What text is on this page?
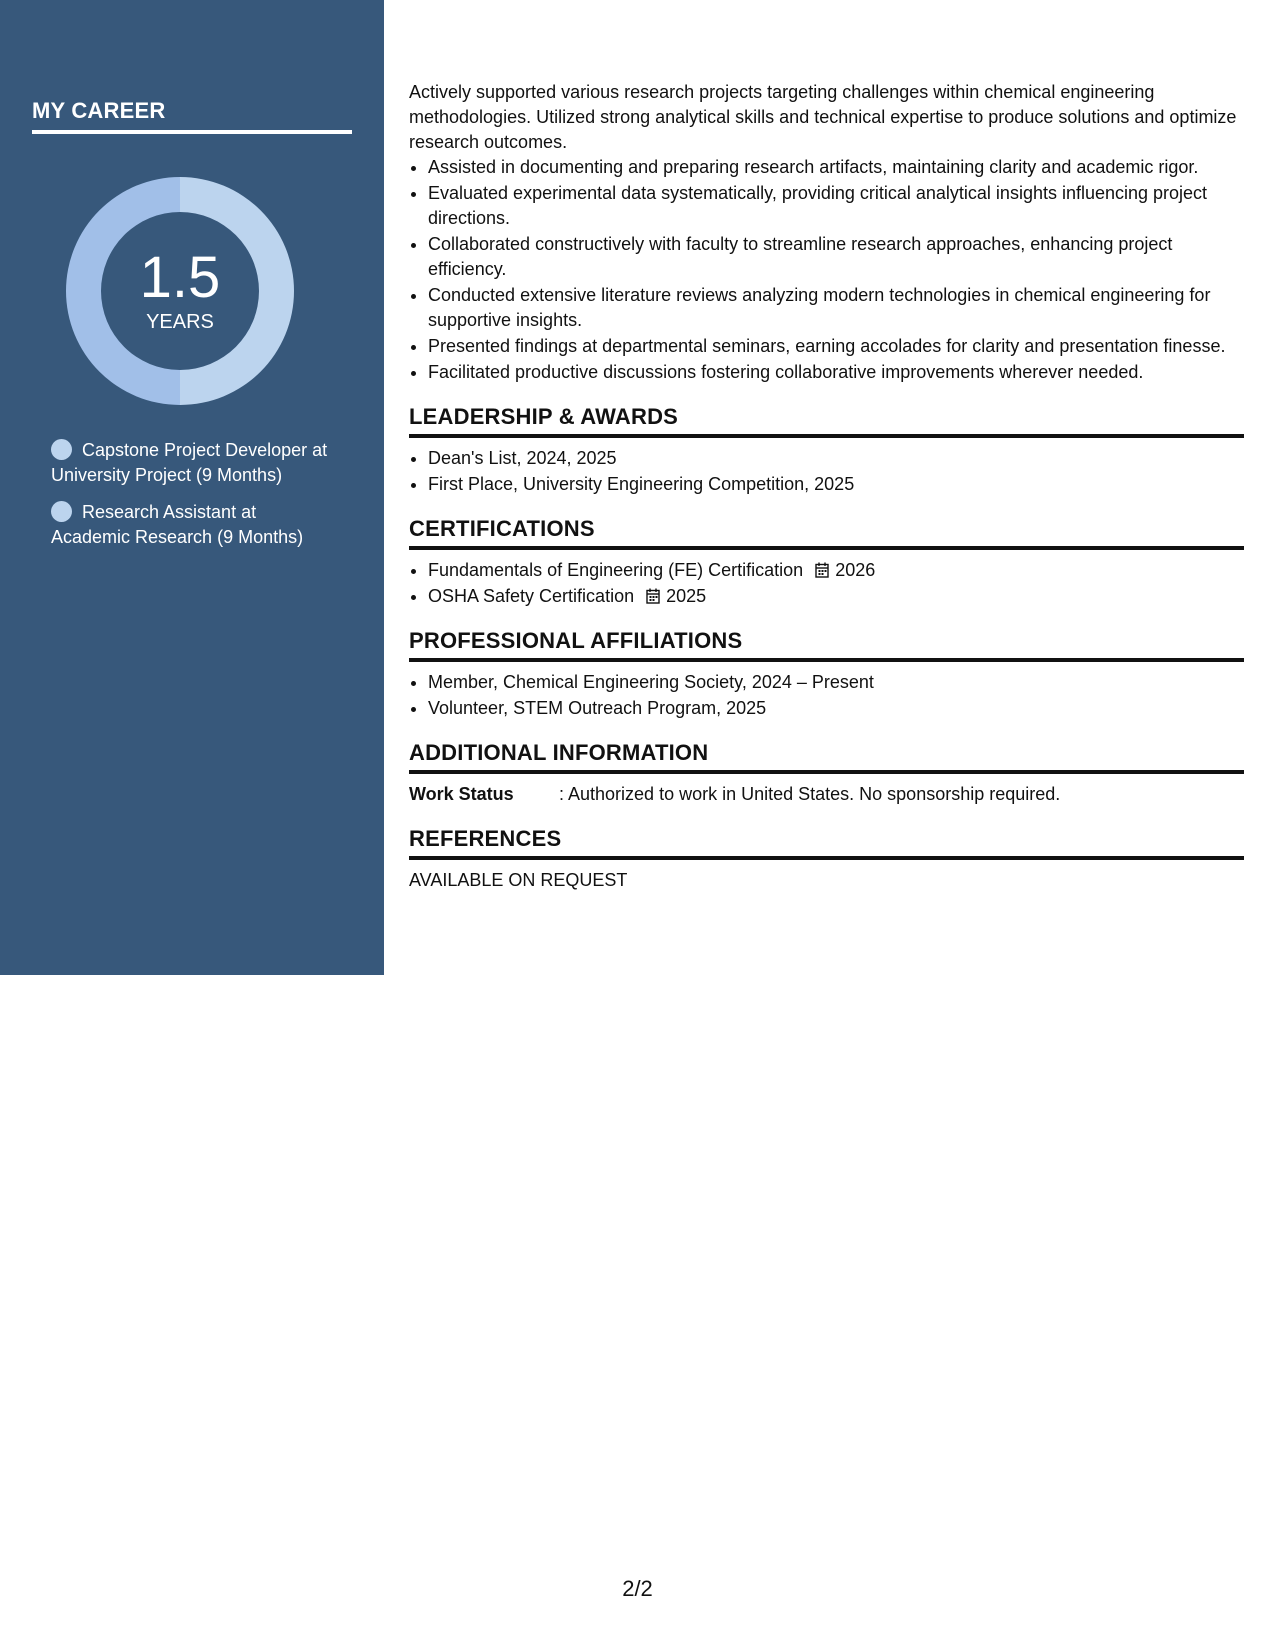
MY CAREER
1.5
YEARS
Capstone Project Developer at University Project (9 Months)
Research Assistant at Academic Research (9 Months)

Actively supported various research projects targeting challenges within chemical engineering methodologies. Utilized strong analytical skills and technical expertise to produce solutions and optimize research outcomes.

• Assisted in documenting and preparing research artifacts, maintaining clarity and academic rigor.
• Evaluated experimental data systematically, providing critical analytical insights influencing project directions.
• Collaborated constructively with faculty to streamline research approaches, enhancing project efficiency.
• Conducted extensive literature reviews analyzing modern technologies in chemical engineering for supportive insights.
• Presented findings at departmental seminars, earning accolades for clarity and presentation finesse.
• Facilitated productive discussions fostering collaborative improvements wherever needed.
LEADERSHIP & AWARDS
• Dean's List, 2024, 2025
• First Place, University Engineering Competition, 2025
CERTIFICATIONS
• Fundamentals of Engineering (FE) Certification 2026
• OSHA Safety Certification 2025
PROFESSIONAL AFFILIATIONS
• Member, Chemical Engineering Society, 2024 – Present
• Volunteer, STEM Outreach Program, 2025
ADDITIONAL INFORMATION
Work Status	: Authorized to work in United States. No sponsorship required.
REFERENCES
AVAILABLE ON REQUEST
2/2
